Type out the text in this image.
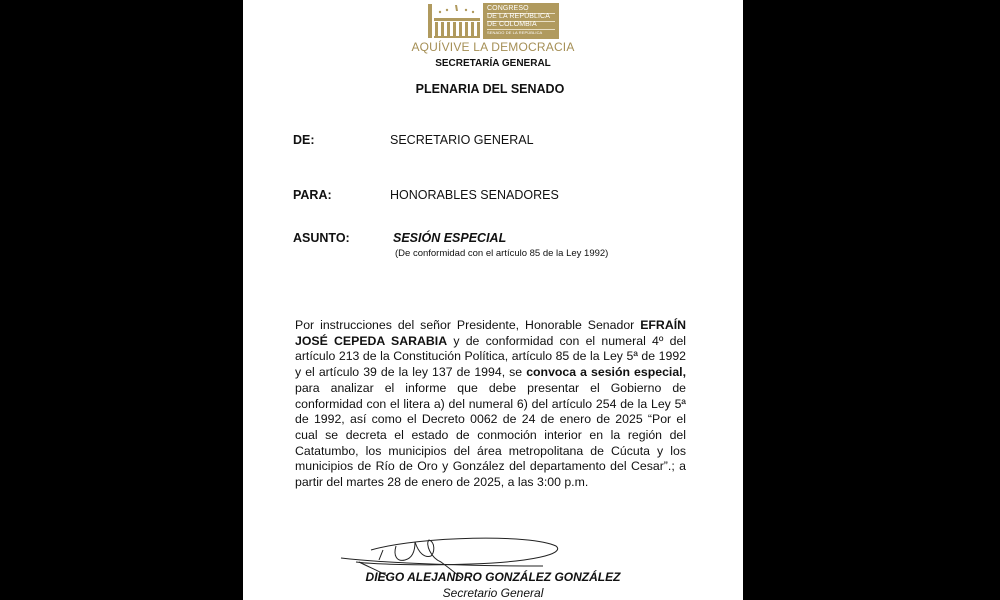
CONGRESO
DE LA REPÚBLICA
DE COLOMBIA
SENADO DE LA REPÚBLICA
AQUÍVIVE LA DEMOCRACIA
SECRETARÍA GENERAL
PLENARIA DEL SENADO
DE:	SECRETARIO GENERAL
PARA:	HONORABLES SENADORES
ASUNTO:	SESIÓN ESPECIAL
(De conformidad con el artículo 85 de la Ley 1992)
Por instrucciones del señor Presidente, Honorable Senador EFRAÍN JOSÉ CEPEDA SARABIA y de conformidad con el numeral 4º del artículo 213 de la Constitución Política, artículo 85 de la Ley 5ª de 1992 y el artículo 39 de la ley 137 de 1994, se convoca a sesión especial, para analizar el informe que debe presentar el Gobierno de conformidad con el litera a) del numeral 6) del artículo 254 de la Ley 5ª de 1992, así como el Decreto 0062 de 24 de enero de 2025 “Por el cual se decreta el estado de conmoción interior en la región del Catatumbo, los municipios del área metropolitana de Cúcuta y los municipios de Río de Oro y González del departamento del Cesar”.; a partir del martes 28 de enero de 2025, a las 3:00 p.m.
DIEGO ALEJANDRO GONZÁLEZ GONZÁLEZ
Secretario General
